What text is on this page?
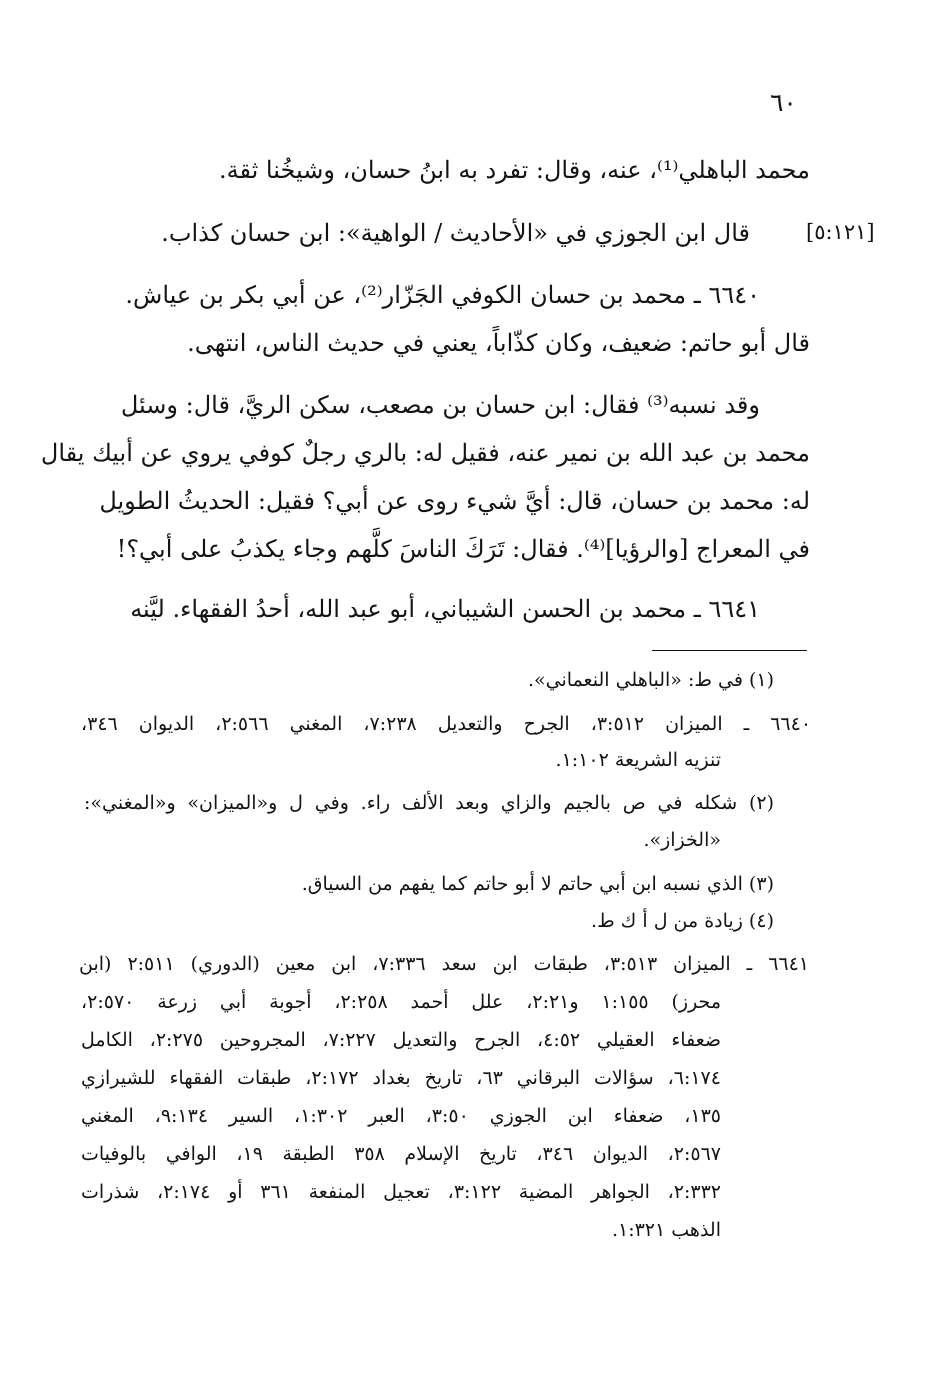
٦٠
[٥:١٢١]
محمد الباهلي⁽¹⁾، عنه، وقال: تفرد به ابنُ حسان، وشيخُنا ثقة.
قال ابن الجوزي في «الأحاديث / الواهية»: ابن حسان كذاب.
٦٦٤٠ ـ محمد بن حسان الكوفي الجَزّار⁽²⁾، عن أبي بكر بن عياش.
قال أبو حاتم: ضعيف، وكان كذّاباً، يعني في حديث الناس، انتهى.
وقد نسبه⁽³⁾ فقال: ابن حسان بن مصعب، سكن الريَّ، قال: وسئل
محمد بن عبد الله بن نمير عنه، فقيل له: بالري رجلٌ كوفي يروي عن أبيك يقال
له: محمد بن حسان، قال: أيَّ شيء روى عن أبي؟ فقيل: الحديثُ الطويل
في المعراج [والرؤيا]⁽⁴⁾. فقال: تَرَكَ الناسَ كلَّهم وجاء يكذبُ على أبي؟!
٦٦٤١ ـ محمد بن الحسن الشيباني، أبو عبد الله، أحدُ الفقهاء. ليَّنه
(١) في ط: «الباهلي النعماني».
٦٦٤٠ ـ الميزان ٣:٥١٢، الجرح والتعديل ٧:٢٣٨، المغني ٢:٥٦٦، الديوان ٣٤٦،
تنزيه الشريعة ١:١٠٢.
(٢) شكله في ص بالجيم والزاي وبعد الألف راء. وفي ل و«الميزان» و«المغني»:
«الخزاز».
(٣) الذي نسبه ابن أبي حاتم لا أبو حاتم كما يفهم من السياق.
(٤) زيادة من ل أ ك ط.
٦٦٤١ ـ الميزان ٣:٥١٣، طبقات ابن سعد ٧:٣٣٦، ابن معين (الدوري) ٢:٥١١ (ابن
محرز) ١:١٥٥ و٢:٢١، علل أحمد ٢:٢٥٨، أجوبة أبي زرعة ٢:٥٧٠،
ضعفاء العقيلي ٤:٥٢، الجرح والتعديل ٧:٢٢٧، المجروحين ٢:٢٧٥، الكامل
٦:١٧٤، سؤالات البرقاني ٦٣، تاريخ بغداد ٢:١٧٢، طبقات الفقهاء للشيرازي
١٣٥، ضعفاء ابن الجوزي ٣:٥٠، العبر ١:٣٠٢، السير ٩:١٣٤، المغني
٢:٥٦٧، الديوان ٣٤٦، تاريخ الإسلام ٣٥٨ الطبقة ١٩، الوافي بالوفيات
٢:٣٣٢، الجواهر المضية ٣:١٢٢، تعجيل المنفعة ٣٦١ أو ٢:١٧٤، شذرات
الذهب ١:٣٢١.
